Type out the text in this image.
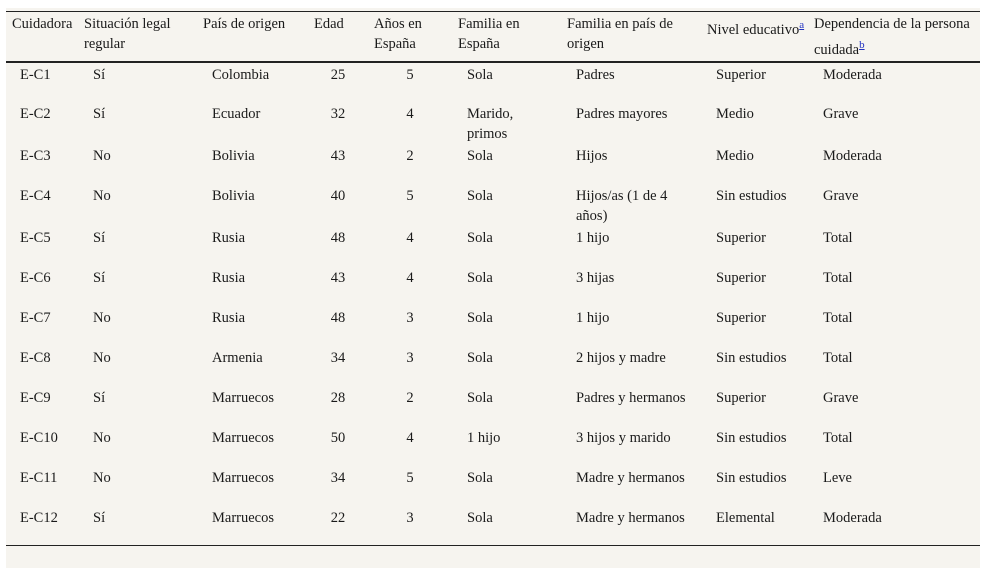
Cuidadora	Situación legal regular	País de origen	Edad	Años en España	Familia en España	Familia en país de origen	Nivel educativo$^a$	Dependencia de la persona cuidada$^b$
E-C1	Sí	Colombia	25	5	Sola	Padres	Superior	Moderada
E-C2	Sí	Ecuador	32	4	Marido, primos	Padres mayores	Medio	Grave
E-C3	No	Bolivia	43	2	Sola	Hijos	Medio	Moderada
E-C4	No	Bolivia	40	5	Sola	Hijos/as (1 de 4 años)	Sin estudios	Grave
E-C5	Sí	Rusia	48	4	Sola	1 hijo	Superior	Total
E-C6	Sí	Rusia	43	4	Sola	3 hijas	Superior	Total
E-C7	No	Rusia	48	3	Sola	1 hijo	Superior	Total
E-C8	No	Armenia	34	3	Sola	2 hijos y madre	Sin estudios	Total
E-C9	Sí	Marruecos	28	2	Sola	Padres y hermanos	Superior	Grave
E-C10	No	Marruecos	50	4	1 hijo	3 hijos y marido	Sin estudios	Total
E-C11	No	Marruecos	34	5	Sola	Madre y hermanos	Sin estudios	Leve
E-C12	Sí	Marruecos	22	3	Sola	Madre y hermanos	Elemental	Moderada
